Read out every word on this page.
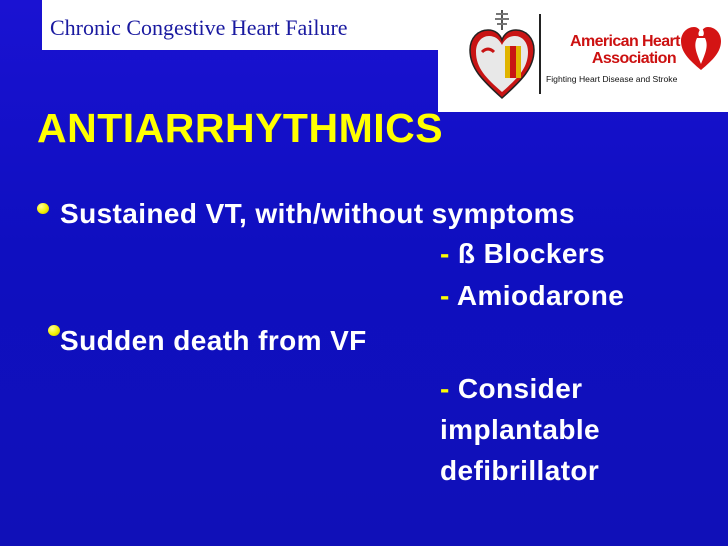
Chronic Congestive Heart Failure
American Heart
Association
Fighting Heart Disease and Stroke
ANTIARRHYTHMICS
Sustained VT, with/without symptoms
- ß Blockers
- Amiodarone
Sudden death from VF
- Consider
implantable
defibrillator
